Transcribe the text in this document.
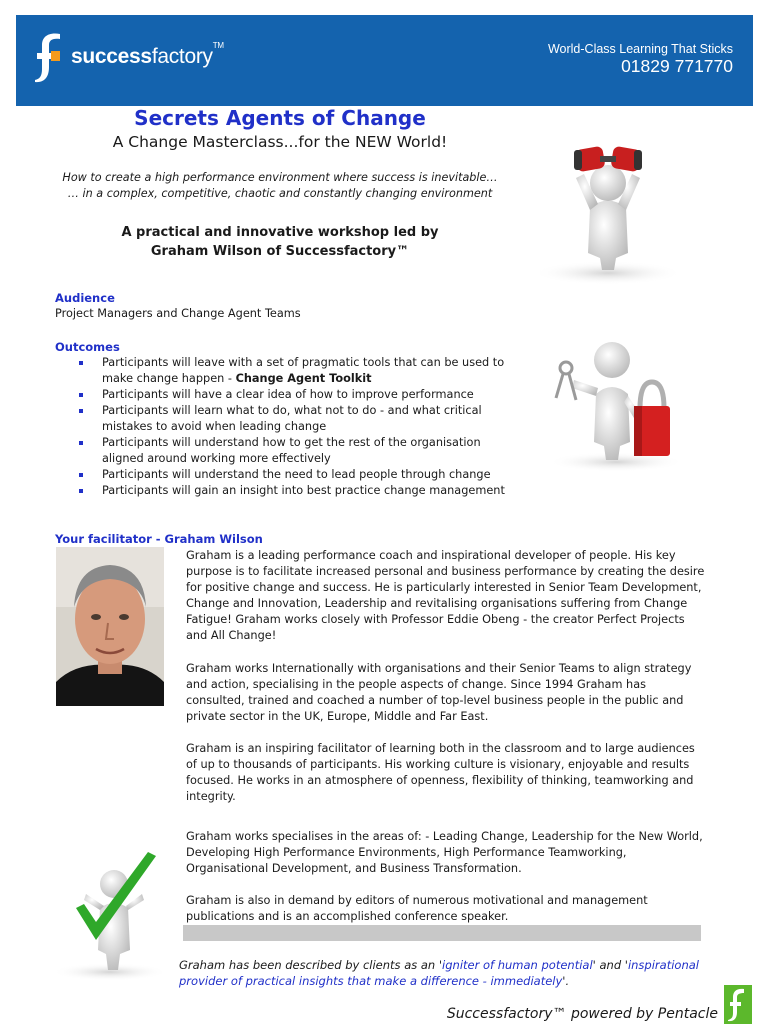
successfactory™	World-Class Learning That Sticks
01829 771770
Secrets Agents of Change
A Change Masterclass...for the NEW World!
How to create a high performance environment where success is inevitable…
… in a complex, competitive, chaotic and constantly changing environment
A practical and innovative workshop led by
Graham Wilson of Successfactory™
Audience
Project Managers and Change Agent Teams
Outcomes
Participants will leave with a set of pragmatic tools that can be used to make change happen - Change Agent Toolkit
Participants will have a clear idea of how to improve performance
Participants will learn what to do, what not to do - and what critical mistakes to avoid when leading change
Participants will understand how to get the rest of the organisation aligned around working more effectively
Participants will understand the need to lead people through change
Participants will gain an insight into best practice change management
Your facilitator - Graham Wilson
Graham is a leading performance coach and inspirational developer of people. His key purpose is to facilitate increased personal and business performance by creating the desire for positive change and success. He is particularly interested in Senior Team Development, Change and Innovation, Leadership and revitalising organisations suffering from Change Fatigue! Graham works closely with Professor Eddie Obeng - the creator Perfect Projects and All Change!
Graham works Internationally with organisations and their Senior Teams to align strategy and action, specialising in the people aspects of change. Since 1994 Graham has consulted, trained and coached a number of top-level business people in the public and private sector in the UK, Europe, Middle and Far East.
Graham is an inspiring facilitator of learning both in the classroom and to large audiences of up to thousands of participants. His working culture is visionary, enjoyable and results focused. He works in an atmosphere of openness, flexibility of thinking, teamworking and integrity.
Graham works specialises in the areas of: - Leading Change, Leadership for the New World, Developing High Performance Environments, High Performance Teamworking, Organisational Development, and Business Transformation.
Graham is also in demand by editors of numerous motivational and management publications and is an accomplished conference speaker.
Graham has been described by clients as an 'igniter of human potential' and 'inspirational provider of practical insights that make a difference - immediately'.
Successfactory™ powered by Pentacle
